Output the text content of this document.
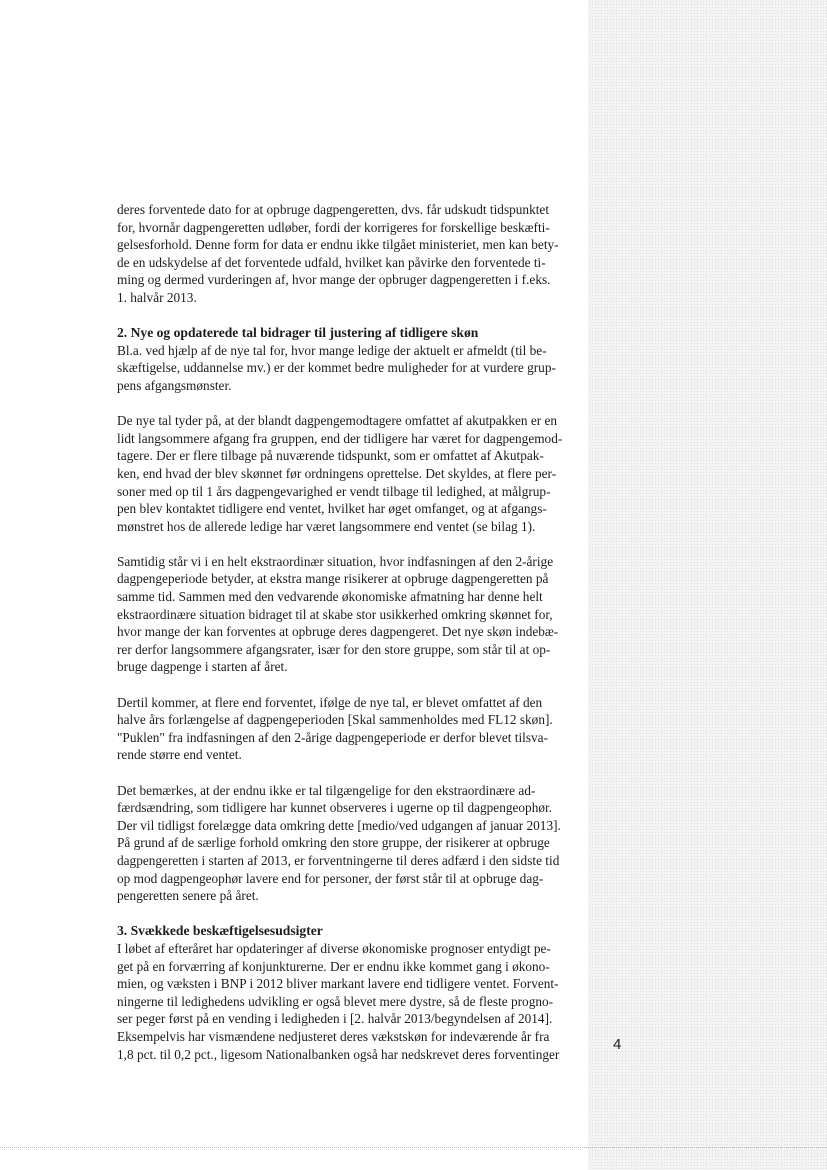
deres forventede dato for at opbruge dagpengeretten, dvs. får udskudt tidspunktet
for, hvornår dagpengeretten udløber, fordi der korrigeres for forskellige beskæfti-
gelsesforhold. Denne form for data er endnu ikke tilgået ministeriet, men kan bety-
de en udskydelse af det forventede udfald, hvilket kan påvirke den forventede ti-
ming og dermed vurderingen af, hvor mange der opbruger dagpengeretten i f.eks.
1. halvår 2013.

2. Nye og opdaterede tal bidrager til justering af tidligere skøn

Bl.a. ved hjælp af de nye tal for, hvor mange ledige der aktuelt er afmeldt (til be-
skæftigelse, uddannelse mv.) er der kommet bedre muligheder for at vurdere grup-
pens afgangsmønster.

De nye tal tyder på, at der blandt dagpengemodtagere omfattet af akutpakken er en
lidt langsommere afgang fra gruppen, end der tidligere har været for dagpengemod-
tagere. Der er flere tilbage på nuværende tidspunkt, som er omfattet af Akutpak-
ken, end hvad der blev skønnet før ordningens oprettelse. Det skyldes, at flere per-
soner med op til 1 års dagpengevarighed er vendt tilbage til ledighed, at målgrup-
pen blev kontaktet tidligere end ventet, hvilket har øget omfanget, og at afgangs-
mønstret hos de allerede ledige har været langsommere end ventet (se bilag 1).

Samtidig står vi i en helt ekstraordinær situation, hvor indfasningen af den 2-årige
dagpengeperiode betyder, at ekstra mange risikerer at opbruge dagpengeretten på
samme tid. Sammen med den vedvarende økonomiske afmatning har denne helt
ekstraordinære situation bidraget til at skabe stor usikkerhed omkring skønnet for,
hvor mange der kan forventes at opbruge deres dagpengeret. Det nye skøn indebæ-
rer derfor langsommere afgangsrater, især for den store gruppe, som står til at op-
bruge dagpenge i starten af året.

Dertil kommer, at flere end forventet, ifølge de nye tal, er blevet omfattet af den
halve års forlængelse af dagpengeperioden [Skal sammenholdes med FL12 skøn].
"Puklen" fra indfasningen af den 2-årige dagpengeperiode er derfor blevet tilsva-
rende større end ventet.

Det bemærkes, at der endnu ikke er tal tilgængelige for den ekstraordinære ad-
færdsændring, som tidligere har kunnet observeres i ugerne op til dagpengeophør.
Der vil tidligst forelægge data omkring dette [medio/ved udgangen af januar 2013].
På grund af de særlige forhold omkring den store gruppe, der risikerer at opbruge
dagpengeretten i starten af 2013, er forventningerne til deres adfærd i den sidste tid
op mod dagpengeophør lavere end for personer, der først står til at opbruge dag-
pengeretten senere på året.

3. Svækkede beskæftigelsesudsigter

I løbet af efteråret har opdateringer af diverse økonomiske prognoser entydigt pe-
get på en forværring af konjunkturerne. Der er endnu ikke kommet gang i økono-
mien, og væksten i BNP i 2012 bliver markant lavere end tidligere ventet. Forvent-
ningerne til ledighedens udvikling er også blevet mere dystre, så de fleste progno-
ser peger først på en vending i ledigheden i [2. halvår 2013/begyndelsen af 2014].
Eksempelvis har vismændene nedjusteret deres vækstskøn for indeværende år fra
1,8 pct. til 0,2 pct., ligesom Nationalbanken også har nedskrevet deres forventinger

4
